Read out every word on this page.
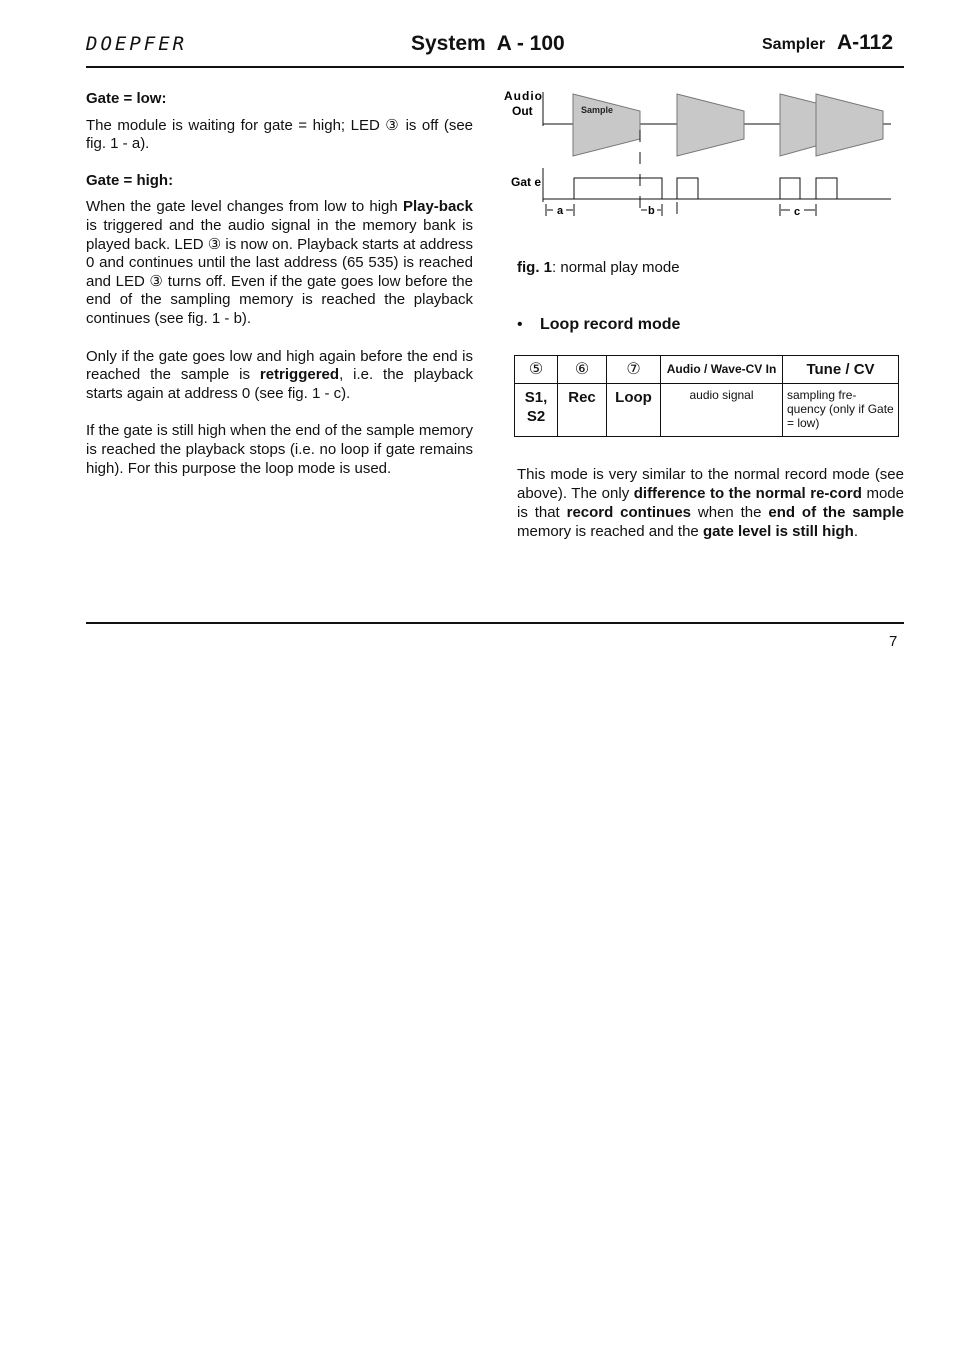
DOEPFER	System  A - 100	Sampler A-112

Gate = low:

The module is waiting for gate = high; LED ③ is off (see fig. 1 - a).

Gate = high:

When the gate level changes from low to high Play-back is triggered and the audio signal in the memory bank is played back. LED ③ is now on. Playback starts at address 0 and continues until the last address (65 535) is reached and LED ③ turns off. Even if the gate goes low before the end of the sampling memory is reached the playback continues (see fig. 1 - b).

Only if the gate goes low and high again before the end is reached the sample is retriggered, i.e. the playback starts again at address 0 (see fig. 1 - c).

If the gate is still high when the end of the sample memory is reached the playback stops (i.e. no loop if gate remains high). For this purpose the loop mode is used.

Audio
Out
Gat e
Sample
a	b	c
fig. 1: normal play mode
• Loop record mode
⑤	⑥	⑦	Audio / Wave-CV In	Tune / CV
S1, S2	Rec	Loop	audio signal	sampling fre-quency (only if Gate = low)
This mode is very similar to the normal record mode (see above). The only difference to the normal re-cord mode is that record continues when the end of the sample memory is reached and the gate level is still high.
7
